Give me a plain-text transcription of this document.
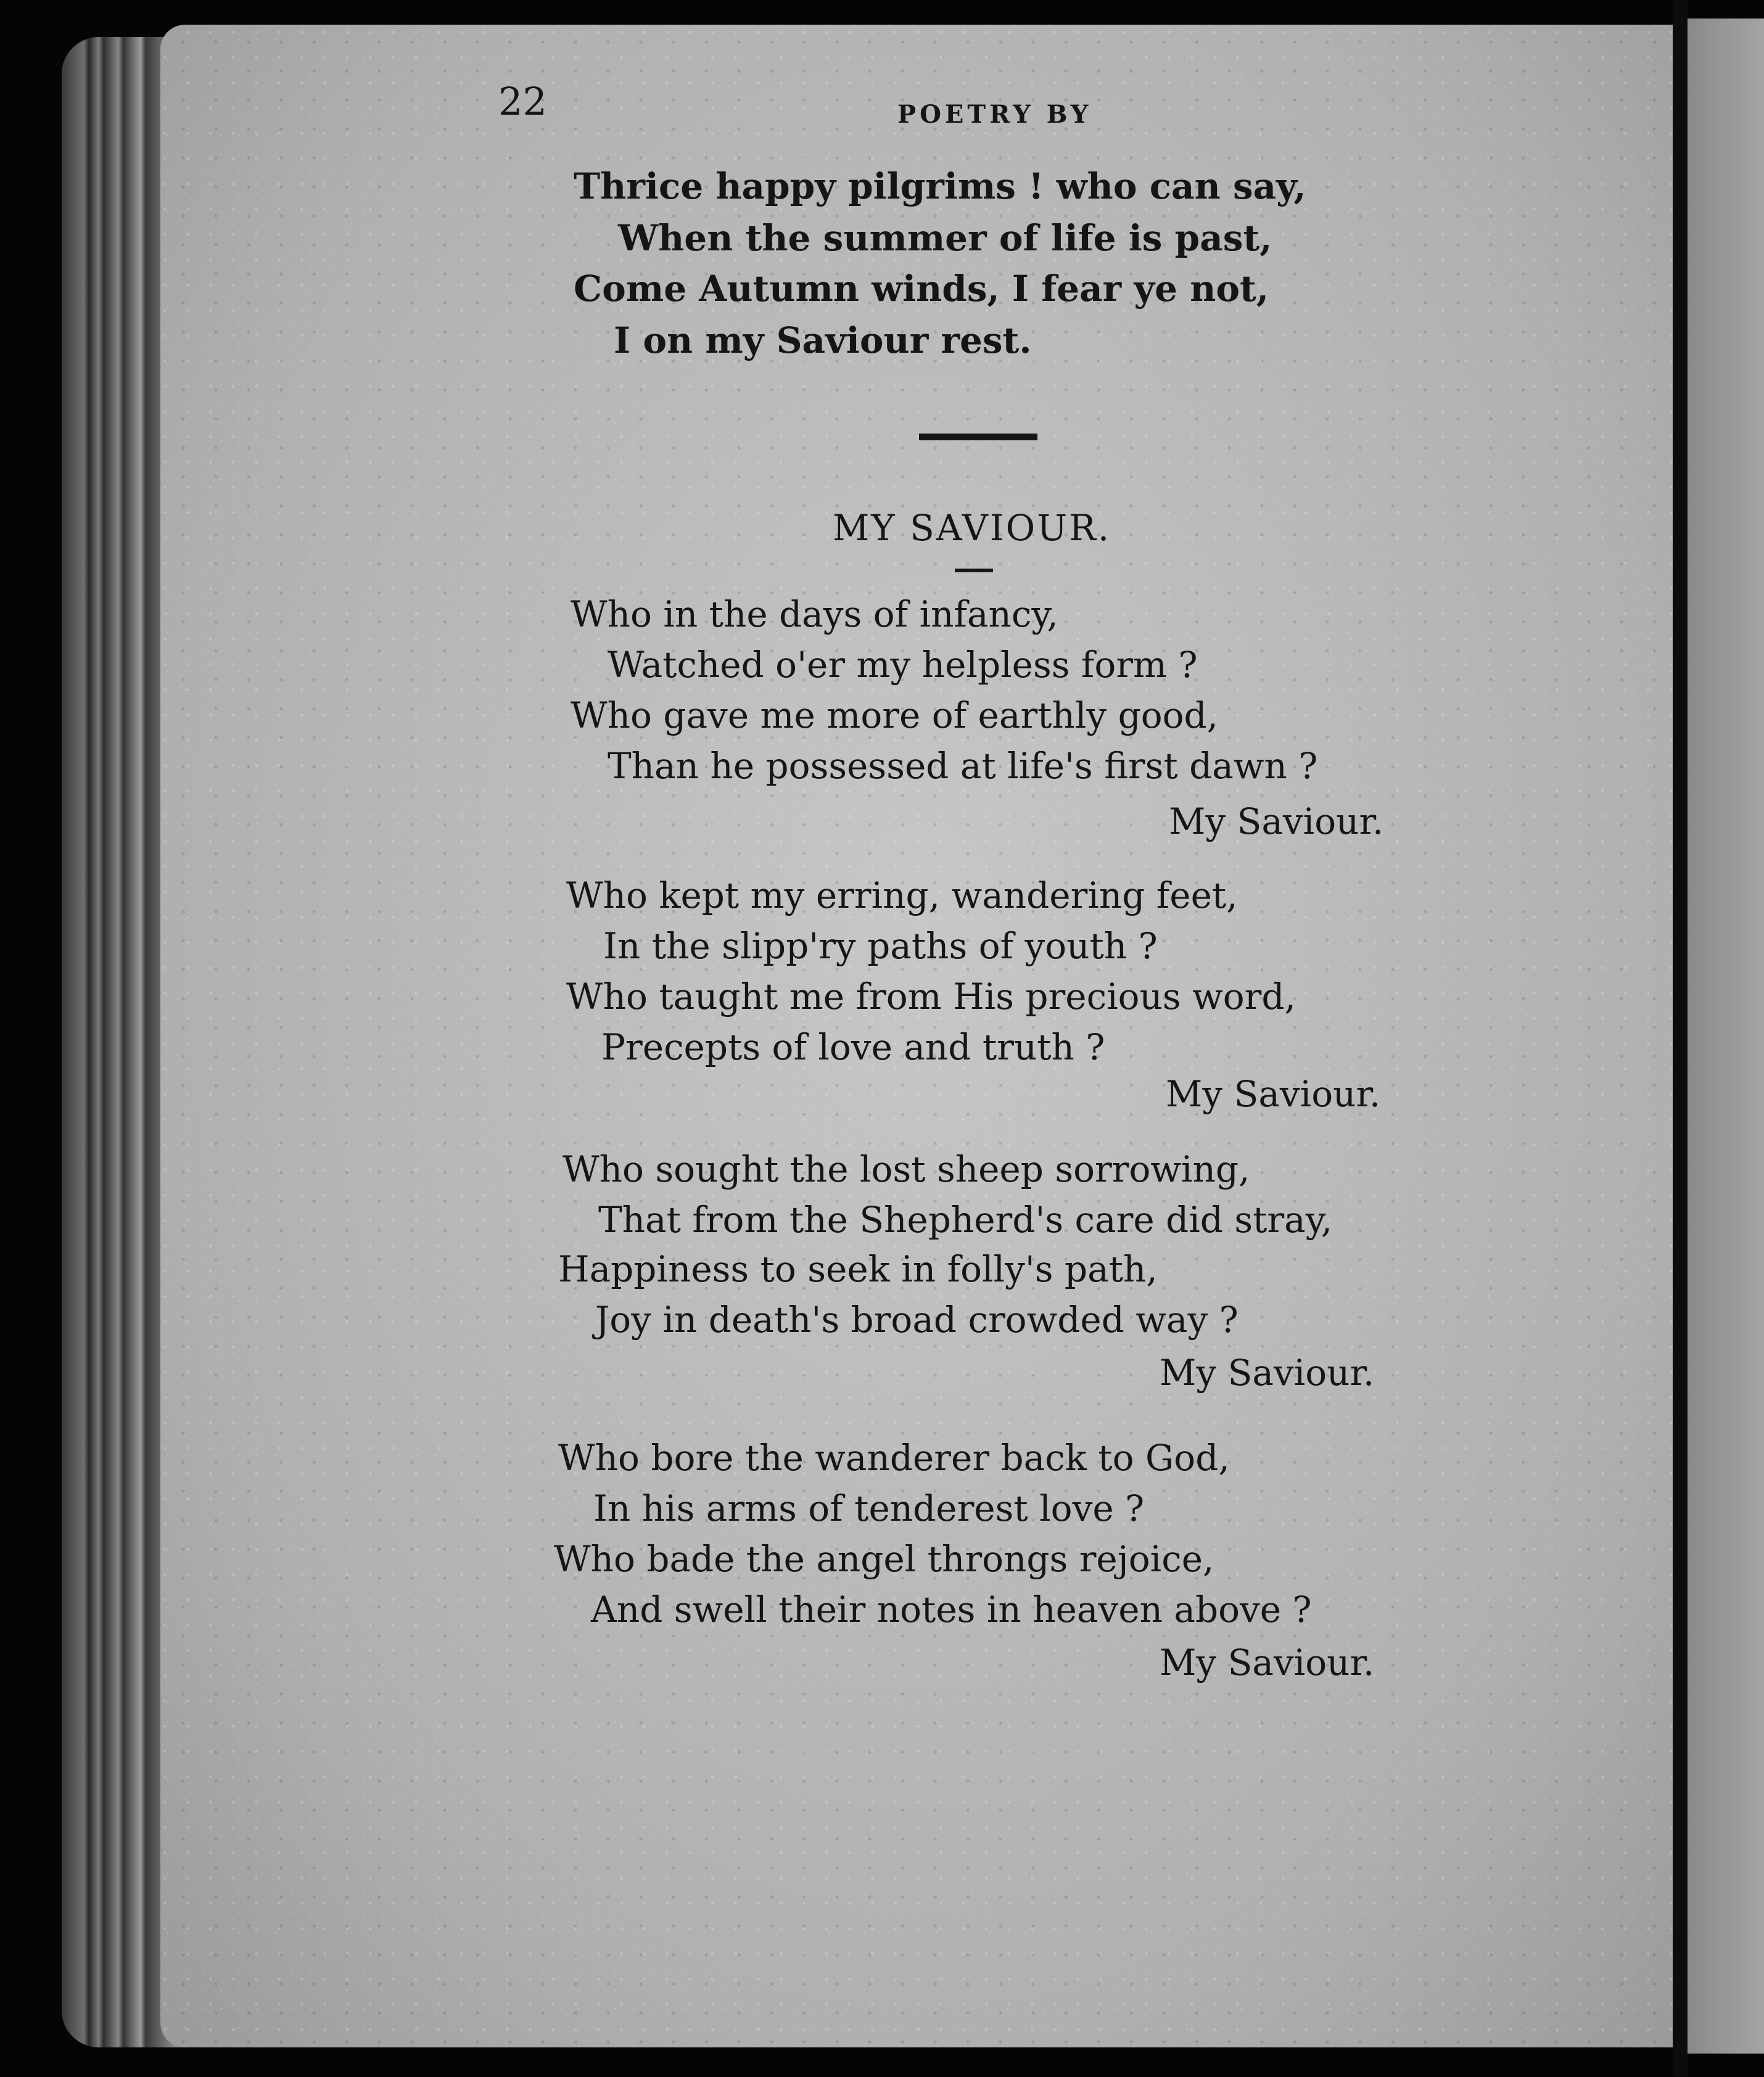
22	POETRY BY
Thrice happy pilgrims ! who can say,
When the summer of life is past,
Come Autumn winds, I fear ye not,
I on my Saviour rest.
MY SAVIOUR.
Who in the days of infancy,
Watched o'er my helpless form ?
Who gave me more of earthly good,
Than he possessed at life's first dawn ?
My Saviour.
Who kept my erring, wandering feet,
In the slipp'ry paths of youth ?
Who taught me from His precious word,
Precepts of love and truth ?
My Saviour.
Who sought the lost sheep sorrowing,
That from the Shepherd's care did stray,
Happiness to seek in folly's path,
Joy in death's broad crowded way ?
My Saviour.
Who bore the wanderer back to God,
In his arms of tenderest love ?
Who bade the angel throngs rejoice,
And swell their notes in heaven above ?
My Saviour.
